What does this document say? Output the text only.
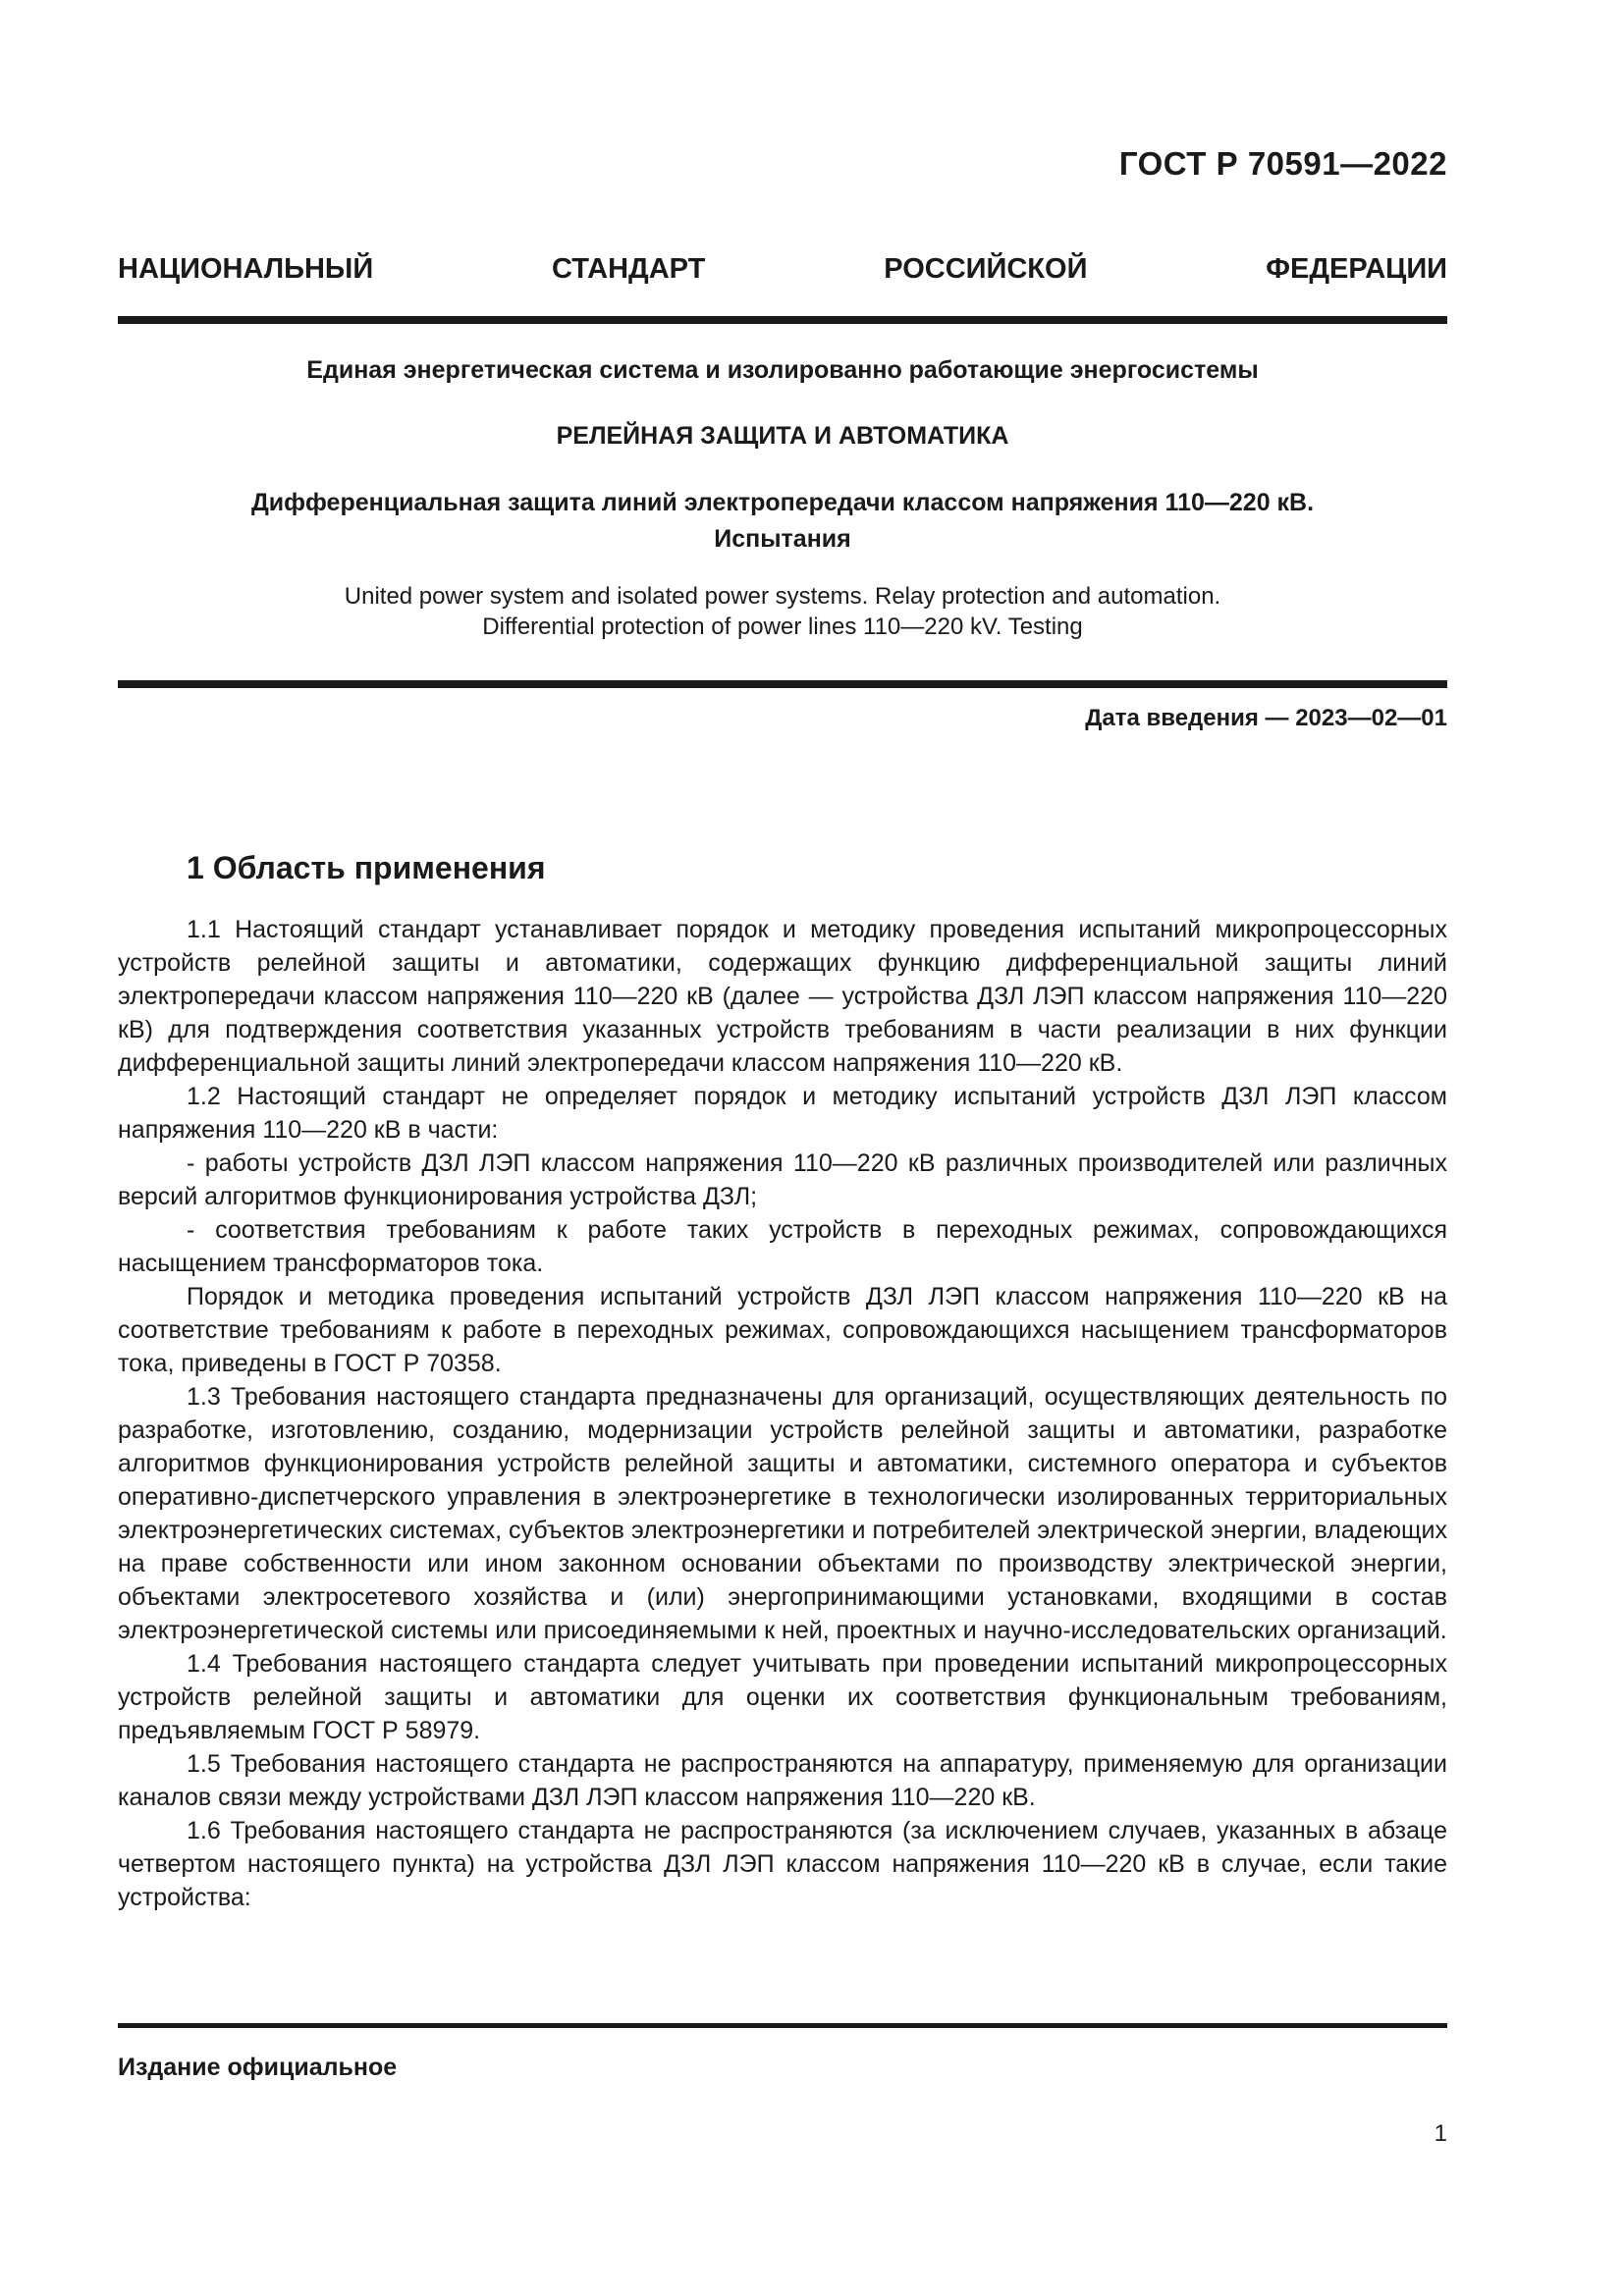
ГОСТ Р 70591—2022
НАЦИОНАЛЬНЫЙ	СТАНДАРТ	РОССИЙСКОЙ	ФЕДЕРАЦИИ
Единая энергетическая система и изолированно работающие энергосистемы
РЕЛЕЙНАЯ ЗАЩИТА И АВТОМАТИКА
Дифференциальная защита линий электропередачи классом напряжения 110—220 кВ.
Испытания
United power system and isolated power systems. Relay protection and automation.
Differential protection of power lines 110—220 kV. Testing
Дата введения — 2023—02—01
1 Область применения

1.1 Настоящий стандарт устанавливает порядок и методику проведения испытаний микропроцессорных устройств релейной защиты и автоматики, содержащих функцию дифференциальной защиты линий электропередачи классом напряжения 110—220 кВ (далее — устройства ДЗЛ ЛЭП классом напряжения 110—220 кВ) для подтверждения соответствия указанных устройств требованиям в части реализации в них функции дифференциальной защиты линий электропередачи классом напряжения 110—220 кВ.

1.2 Настоящий стандарт не определяет порядок и методику испытаний устройств ДЗЛ ЛЭП классом напряжения 110—220 кВ в части:

- работы устройств ДЗЛ ЛЭП классом напряжения 110—220 кВ различных производителей или различных версий алгоритмов функционирования устройства ДЗЛ;

- соответствия требованиям к работе таких устройств в переходных режимах, сопровождающихся насыщением трансформаторов тока.

Порядок и методика проведения испытаний устройств ДЗЛ ЛЭП классом напряжения 110—220 кВ на соответствие требованиям к работе в переходных режимах, сопровождающихся насыщением трансформаторов тока, приведены в ГОСТ Р 70358.

1.3 Требования настоящего стандарта предназначены для организаций, осуществляющих деятельность по разработке, изготовлению, созданию, модернизации устройств релейной защиты и автоматики, разработке алгоритмов функционирования устройств релейной защиты и автоматики, системного оператора и субъектов оперативно-диспетчерского управления в электроэнергетике в технологически изолированных территориальных электроэнергетических системах, субъектов электроэнергетики и потребителей электрической энергии, владеющих на праве собственности или ином законном основании объектами по производству электрической энергии, объектами электросетевого хозяйства и (или) энергопринимающими установками, входящими в состав электроэнергетической системы или присоединяемыми к ней, проектных и научно-исследовательских организаций.

1.4 Требования настоящего стандарта следует учитывать при проведении испытаний микропроцессорных устройств релейной защиты и автоматики для оценки их соответствия функциональным требованиям, предъявляемым ГОСТ Р 58979.

1.5 Требования настоящего стандарта не распространяются на аппаратуру, применяемую для организации каналов связи между устройствами ДЗЛ ЛЭП классом напряжения 110—220 кВ.

1.6 Требования настоящего стандарта не распространяются (за исключением случаев, указанных в абзаце четвертом настоящего пункта) на устройства ДЗЛ ЛЭП классом напряжения 110—220 кВ в случае, если такие устройства:

Издание официальное
1
